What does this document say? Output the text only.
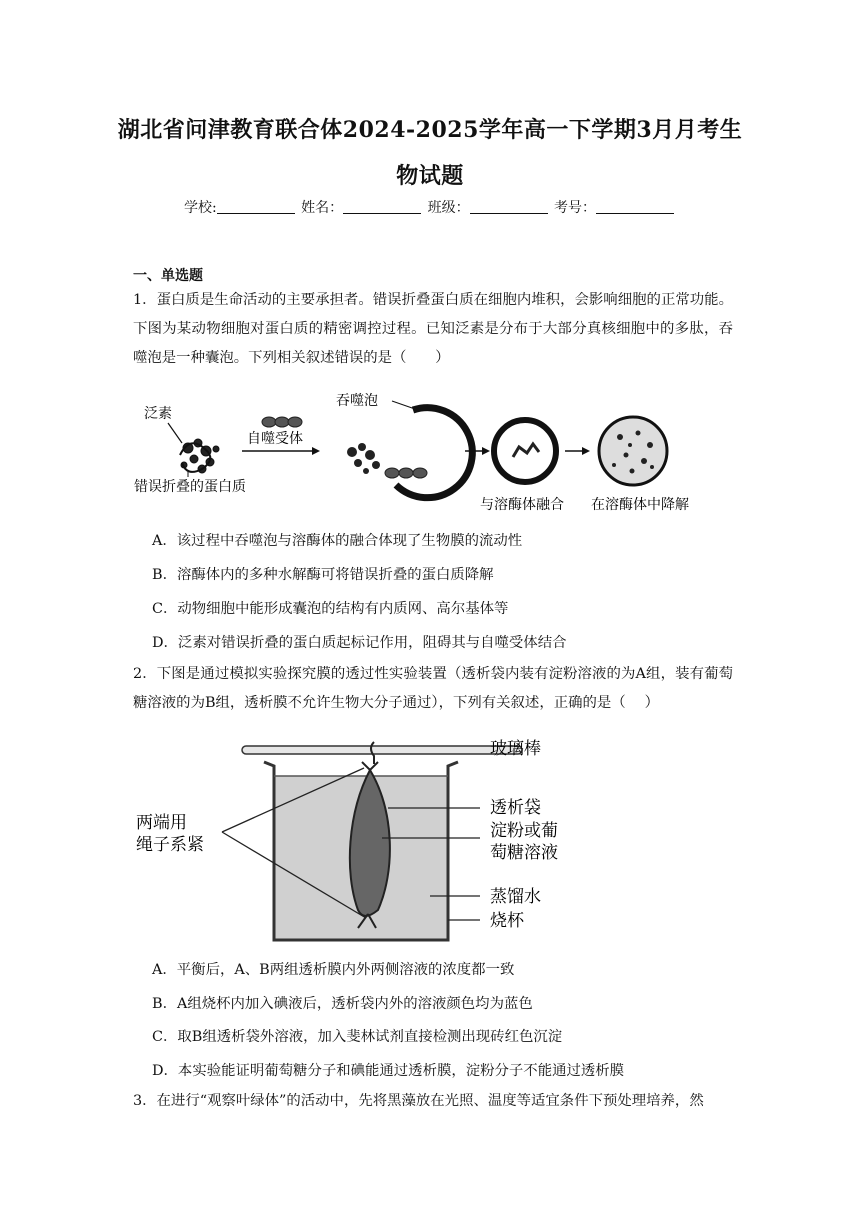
湖北省问津教育联合体2024-2025学年高一下学期3月月考生
物试题
学校:	姓名：	班级：	考号：
一、单选题
1．蛋白质是生命活动的主要承担者。错误折叠蛋白质在细胞内堆积，会影响细胞的正常功能。下图为某动物细胞对蛋白质的精密调控过程。已知泛素是分布于大部分真核细胞中的多肽，吞噬泡是一种囊泡。下列相关叙述错误的是（　　）
泛素
错误折叠的蛋白质
自噬受体
吞噬泡
与溶酶体融合 在溶酶体中降解
A．该过程中吞噬泡与溶酶体的融合体现了生物膜的流动性
B．溶酶体内的多种水解酶可将错误折叠的蛋白质降解
C．动物细胞中能形成囊泡的结构有内质网、高尔基体等
D．泛素对错误折叠的蛋白质起标记作用，阻碍其与自噬受体结合
2．下图是通过模拟实验探究膜的透过性实验装置（透析袋内装有淀粉溶液的为A组，装有葡萄糖溶液的为B组，透析膜不允许生物大分子通过），下列有关叙述，正确的是（　 ）
两端用
绳子系紧
玻璃棒
透析袋
淀粉或葡
萄糖溶液
蒸馏水
烧杯
A．平衡后，A、B两组透析膜内外两侧溶液的浓度都一致
B．A组烧杯内加入碘液后，透析袋内外的溶液颜色均为蓝色
C．取B组透析袋外溶液，加入斐林试剂直接检测出现砖红色沉淀
D．本实验能证明葡萄糖分子和碘能通过透析膜，淀粉分子不能通过透析膜
3．在进行“观察叶绿体”的活动中，先将黑藻放在光照、温度等适宜条件下预处理培养，然
